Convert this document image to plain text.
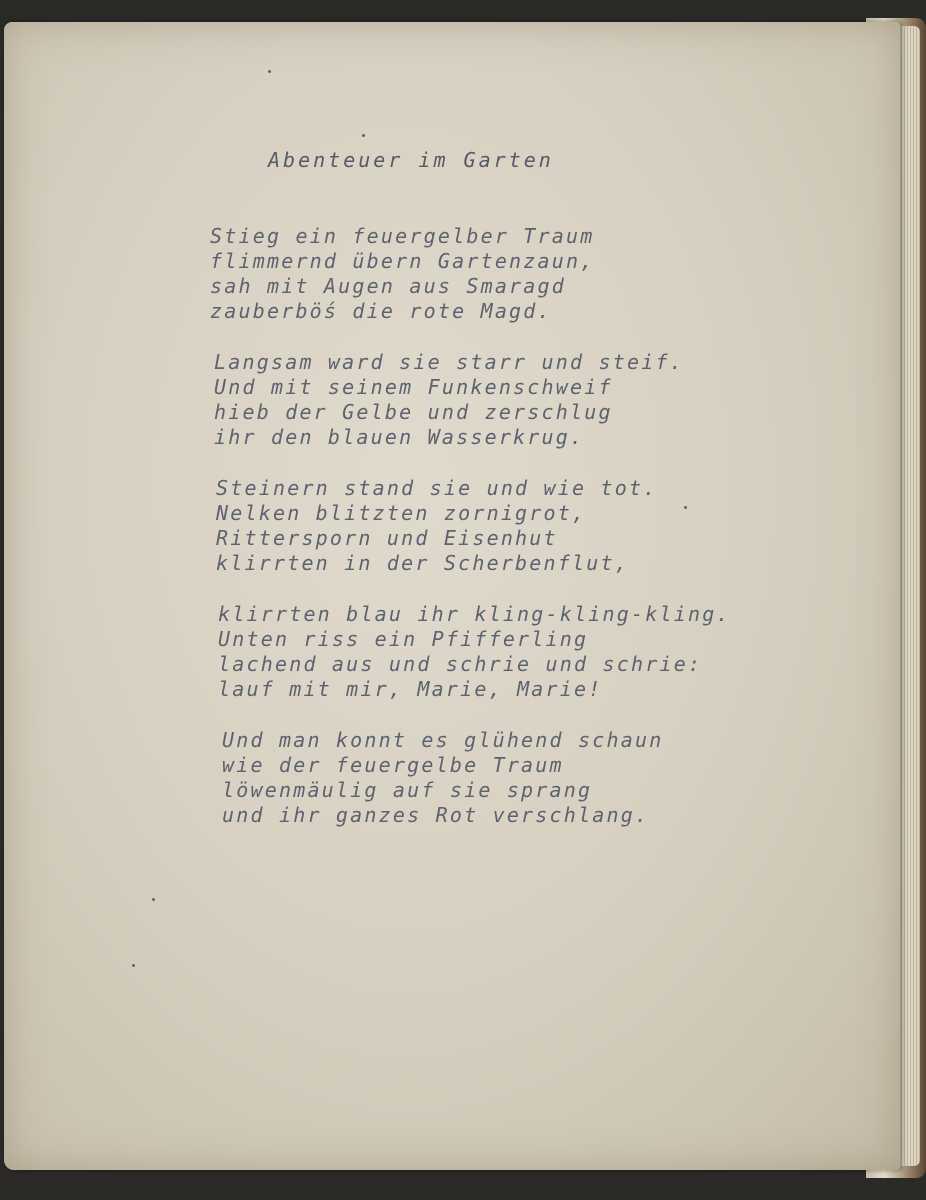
Abenteuer im Garten
Stieg ein feuergelber Traum
flimmernd übern Gartenzaun,
sah mit Augen aus Smaragd
zauberböś die rote Magd.
Langsam ward sie starr und steif.
Und mit seinem Funkenschweif
hieb der Gelbe und zerschlug
ihr den blauen Wasserkrug.
Steinern stand sie und wie tot.
Nelken blitzten zornigrot,
Rittersporn und Eisenhut
klirrten in der Scherbenflut,
klirrten blau ihr kling-kling-kling.
Unten riss ein Pfifferling
lachend aus und schrie und schrie:
lauf mit mir, Marie, Marie!
Und man konnt es glühend schaun
wie der feuergelbe Traum
löwenmäulig auf sie sprang
und ihr ganzes Rot verschlang.
